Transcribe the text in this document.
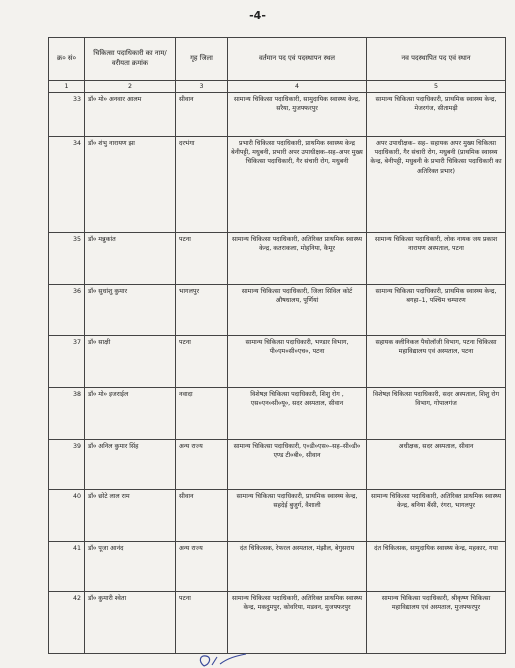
-4-
क्र० सं०	चिकित्सा पदाधिकारी का नाम/वरीयता क्रमांक	गृह जिला	वर्तमान पद एवं पदस्थापन स्थल	नव पदस्थापित पद एवं स्थान
1	2	3	4	5
33	डॉ० मो० अनवार आलम	सीवान	सामान्य चिकित्सा पदाधिकारी, सामुदायिक स्वास्थ्य केन्द्र, सरैया, मुजफ्फरपुर	सामान्य चिकित्सा पदाधिकारी, प्राथमिक स्वास्थ्य केन्द्र, मेजरगंज, सीतामढ़ी
34	डॉ० शंभु नारायण झा	दरभंगा	प्रभारी चिकित्सा पदाधिकारी, प्राथमिक स्वास्थ्य केन्द्र बेनीपट्टी, मधुबनी, प्रभारी अपर उपाधीक्षक–सह–अपर मुख्य चिकित्सा पदाधिकारी, गैर संचारी रोग, मधुबनी	अपर उपाधीक्षक– सह– सहायक अपर मुख्य चिकित्सा पदाधिकारी, गैर संचारी रोग, मधुबनी (प्राथमिक स्वास्थ्य केन्द्र, बेनीपट्टी, मधुबनी के प्रभारी चिकित्सा पदाधिकारी का अतिरिक्त प्रभार)
35	डॉ० मन्नुकांत	पटना	सामान्य चिकित्सा पदाधिकारी, अतिरिक्त प्राथमिक स्वास्थ्य केन्द्र, कतराकला, मोहनिया, कैमूर	सामान्य चिकित्सा पदाधिकारी, लोक नायक जय प्रकाश नारायण अस्पताल, पटना
36	डॉ० सुधांशु कुमार	भागलपुर	सामान्य चिकित्सा पदाधिकारी, जिला सिविल कोर्ट औषधालय, पूर्णियां	सामान्य चिकित्सा पदाधिकारी, प्राथमिक स्वास्थ्य केन्द्र, बगहा–1, पश्चिम चम्पारण
37	डॉ० साक्षी	पटना	सामान्य चिकित्सा पदाधिकारी, भण्डार विभाग, पी०एम०सी०एच०, पटना	सहायक क्लीनिकल पैथोलॉजी विभाग, पटना चिकित्सा महाविद्यालय एवं अस्पताल, पटना
38	डॉ० मो० इजराईल	नवादा	विशेषज्ञ चिकित्सा पदाधिकारी, शिशु रोग , एस०एन०सी०यू०, सदर अस्पताल, सीवान	विशेषज्ञ चिकित्सा पदाधिकारी, सदर अस्पताल, शिशु रोग विभाग, गोपालगंज
39	डॉ० अनिल कुमार सिंह	अन्य राज्य	सामान्य चिकित्सा पदाधिकारी, ए०डी०एस०–सह–सी०डी० एण्ड टी०बी०, सीवान	अधीक्षक, सदर अस्पताल, सीवान
40	डॉ० छोटे लाल राम	सीवान	सामान्य चिकित्सा पदाधिकारी, प्राथमिक स्वास्थ्य केन्द्र, सहदेई बुजुर्ग, वैशाली	सामान्य चिकित्सा पदाधिकारी, अतिरिक्त प्राथमिक स्वास्थ्य केन्द्र, बनिया बैंसी, रंगरा, भागलपुर
41	डॉ० पूजा आनंद	अन्य राज्य	दंत चिकित्सक, रेफरल अस्पताल, मंझौल, बेगुसराय	दंत चिकित्सक, सामुदायिक स्वास्थ्य केन्द्र, महकार, गया
42	डॉ० कुमारी श्वेता	पटना	सामान्य चिकित्सा पदाधिकारी, अतिरिक्त प्राथमिक स्वास्थ्य केन्द्र, मकदुमपुर, कोवरिया, मडवन, मुजफ्फरपुर	सामान्य चिकित्सा पदाधिकारी, श्रीकृष्ण चिकित्सा महाविद्यालय एवं अस्पताल, मुजफ्फरपुर
